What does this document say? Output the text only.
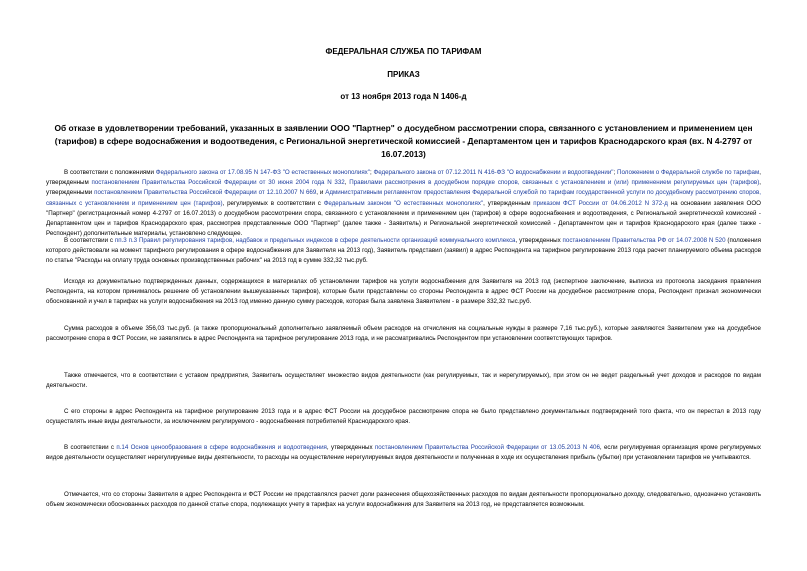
ФЕДЕРАЛЬНАЯ СЛУЖБА ПО ТАРИФАМ
ПРИКАЗ
от 13 ноября 2013 года N 1406-д
Об отказе в удовлетворении требований, указанных в заявлении ООО "Партнер" о досудебном рассмотрении спора, связанного с установлением и применением цен (тарифов) в сфере водоснабжения и водоотведения, с Региональной энергетической комиссией - Департаментом цен и тарифов Краснодарского края (вх. N 4-2797 от 16.07.2013)

В соответствии с положениями Федерального закона от 17.08.95 N 147-ФЗ "О естественных монополиях"; Федерального закона от 07.12.2011 N 416-ФЗ "О водоснабжении и водоотведении"; Положением о Федеральной службе по тарифам, утвержденным постановлением Правительства Российской Федерации от 30 июня 2004 года N 332, Правилами рассмотрения в досудебном порядке споров, связанных с установлением и (или) применением регулируемых цен (тарифов), утвержденными постановлением Правительства Российской Федерации от 12.10.2007 N 669, и Административным регламентом предоставления Федеральной службой по тарифам государственной услуги по досудебному рассмотрению споров, связанных с установлением и применением цен (тарифов), регулируемых в соответствии с Федеральным законом "О естественных монополиях", утвержденным приказом ФСТ России от 04.06.2012 N 372-д на основании заявления ООО "Партнер" (регистрационный номер 4-2797 от 16.07.2013) о досудебном рассмотрении спора, связанного с установлением и применением цен (тарифов) в сфере водоснабжения и водоотведения, с Региональной энергетической комиссией - Департаментом цен и тарифов Краснодарского края, рассмотрев представленные ООО "Партнер" (далее также - Заявитель) и Региональной энергетической комиссией - Департаментом цен и тарифов Краснодарского края (далее также - Респондент) дополнительные материалы, установлено следующее.

В соответствии с пп.3 п.3 Правил регулирования тарифов, надбавок и предельных индексов в сфере деятельности организаций коммунального комплекса, утвержденных постановлением Правительства РФ от 14.07.2008 N 520 (положения которого действовали на момент тарифного регулирования в сфере водоснабжения для Заявителя на 2013 год), Заявитель представил (заявил) в адрес Респондента на тарифное регулирование 2013 года расчет планируемого объема расходов по статье "Расходы на оплату труда основных производственных рабочих" на 2013 год в сумме 332,32 тыс.руб.

Исходя из документально подтвержденных данных, содержащихся в материалах об установлении тарифов на услуги водоснабжения для Заявителя на 2013 год (экспертное заключение, выписка из протокола заседания правления Респондента, на котором принималось решение об установлении вышеуказанных тарифов), которые были представлены со стороны Респондента в адрес ФСТ России на досудебное рассмотрение спора, Респондент признал экономически обоснованной и учел в тарифах на услуги водоснабжения на 2013 год именно данную сумму расходов, которая была заявлена Заявителем - в размере 332,32 тыс.руб.

Сумма расходов в объеме 356,03 тыс.руб. (а также пропорциональный дополнительно заявляемый объем расходов на отчисления на социальные нужды в размере 7,16 тыс.руб.), которые заявляются Заявителем уже на досудебное рассмотрение спора в ФСТ России, не заявлялись в адрес Респондента на тарифное регулирование 2013 года, и не рассматривались Респондентом при установлении соответствующих тарифов.

Также отмечается, что в соответствии с уставом предприятия, Заявитель осуществляет множество видов деятельности (как регулируемых, так и нерегулируемых), при этом он не ведет раздельный учет доходов и расходов по видам деятельности.

С его стороны в адрес Респондента на тарифное регулирование 2013 года и в адрес ФСТ России на досудебное рассмотрение спора не было представлено документальных подтверждений того факта, что он перестал в 2013 году осуществлять иные виды деятельности, за исключением регулируемого - водоснабжения потребителей Краснодарского края.

В соответствии с п.14 Основ ценообразования в сфере водоснабжения и водоотведения, утвержденных постановлением Правительства Российской Федерации от 13.05.2013 N 406, если регулируемая организация кроме регулируемых видов деятельности осуществляет нерегулируемые виды деятельности, то расходы на осуществление нерегулируемых видов деятельности и полученная в ходе их осуществления прибыль (убытки) при установлении тарифов не учитываются.

Отмечается, что со стороны Заявителя в адрес Респондента и ФСТ России не представлялся расчет доли разнесения общехозяйственных расходов по видам деятельности пропорционально доходу, следовательно, однозначно установить объем экономически обоснованных расходов по данной статье спора, подлежащих учету в тарифах на услуги водоснабжения для Заявителя на 2013 год, не представляется возможным.
